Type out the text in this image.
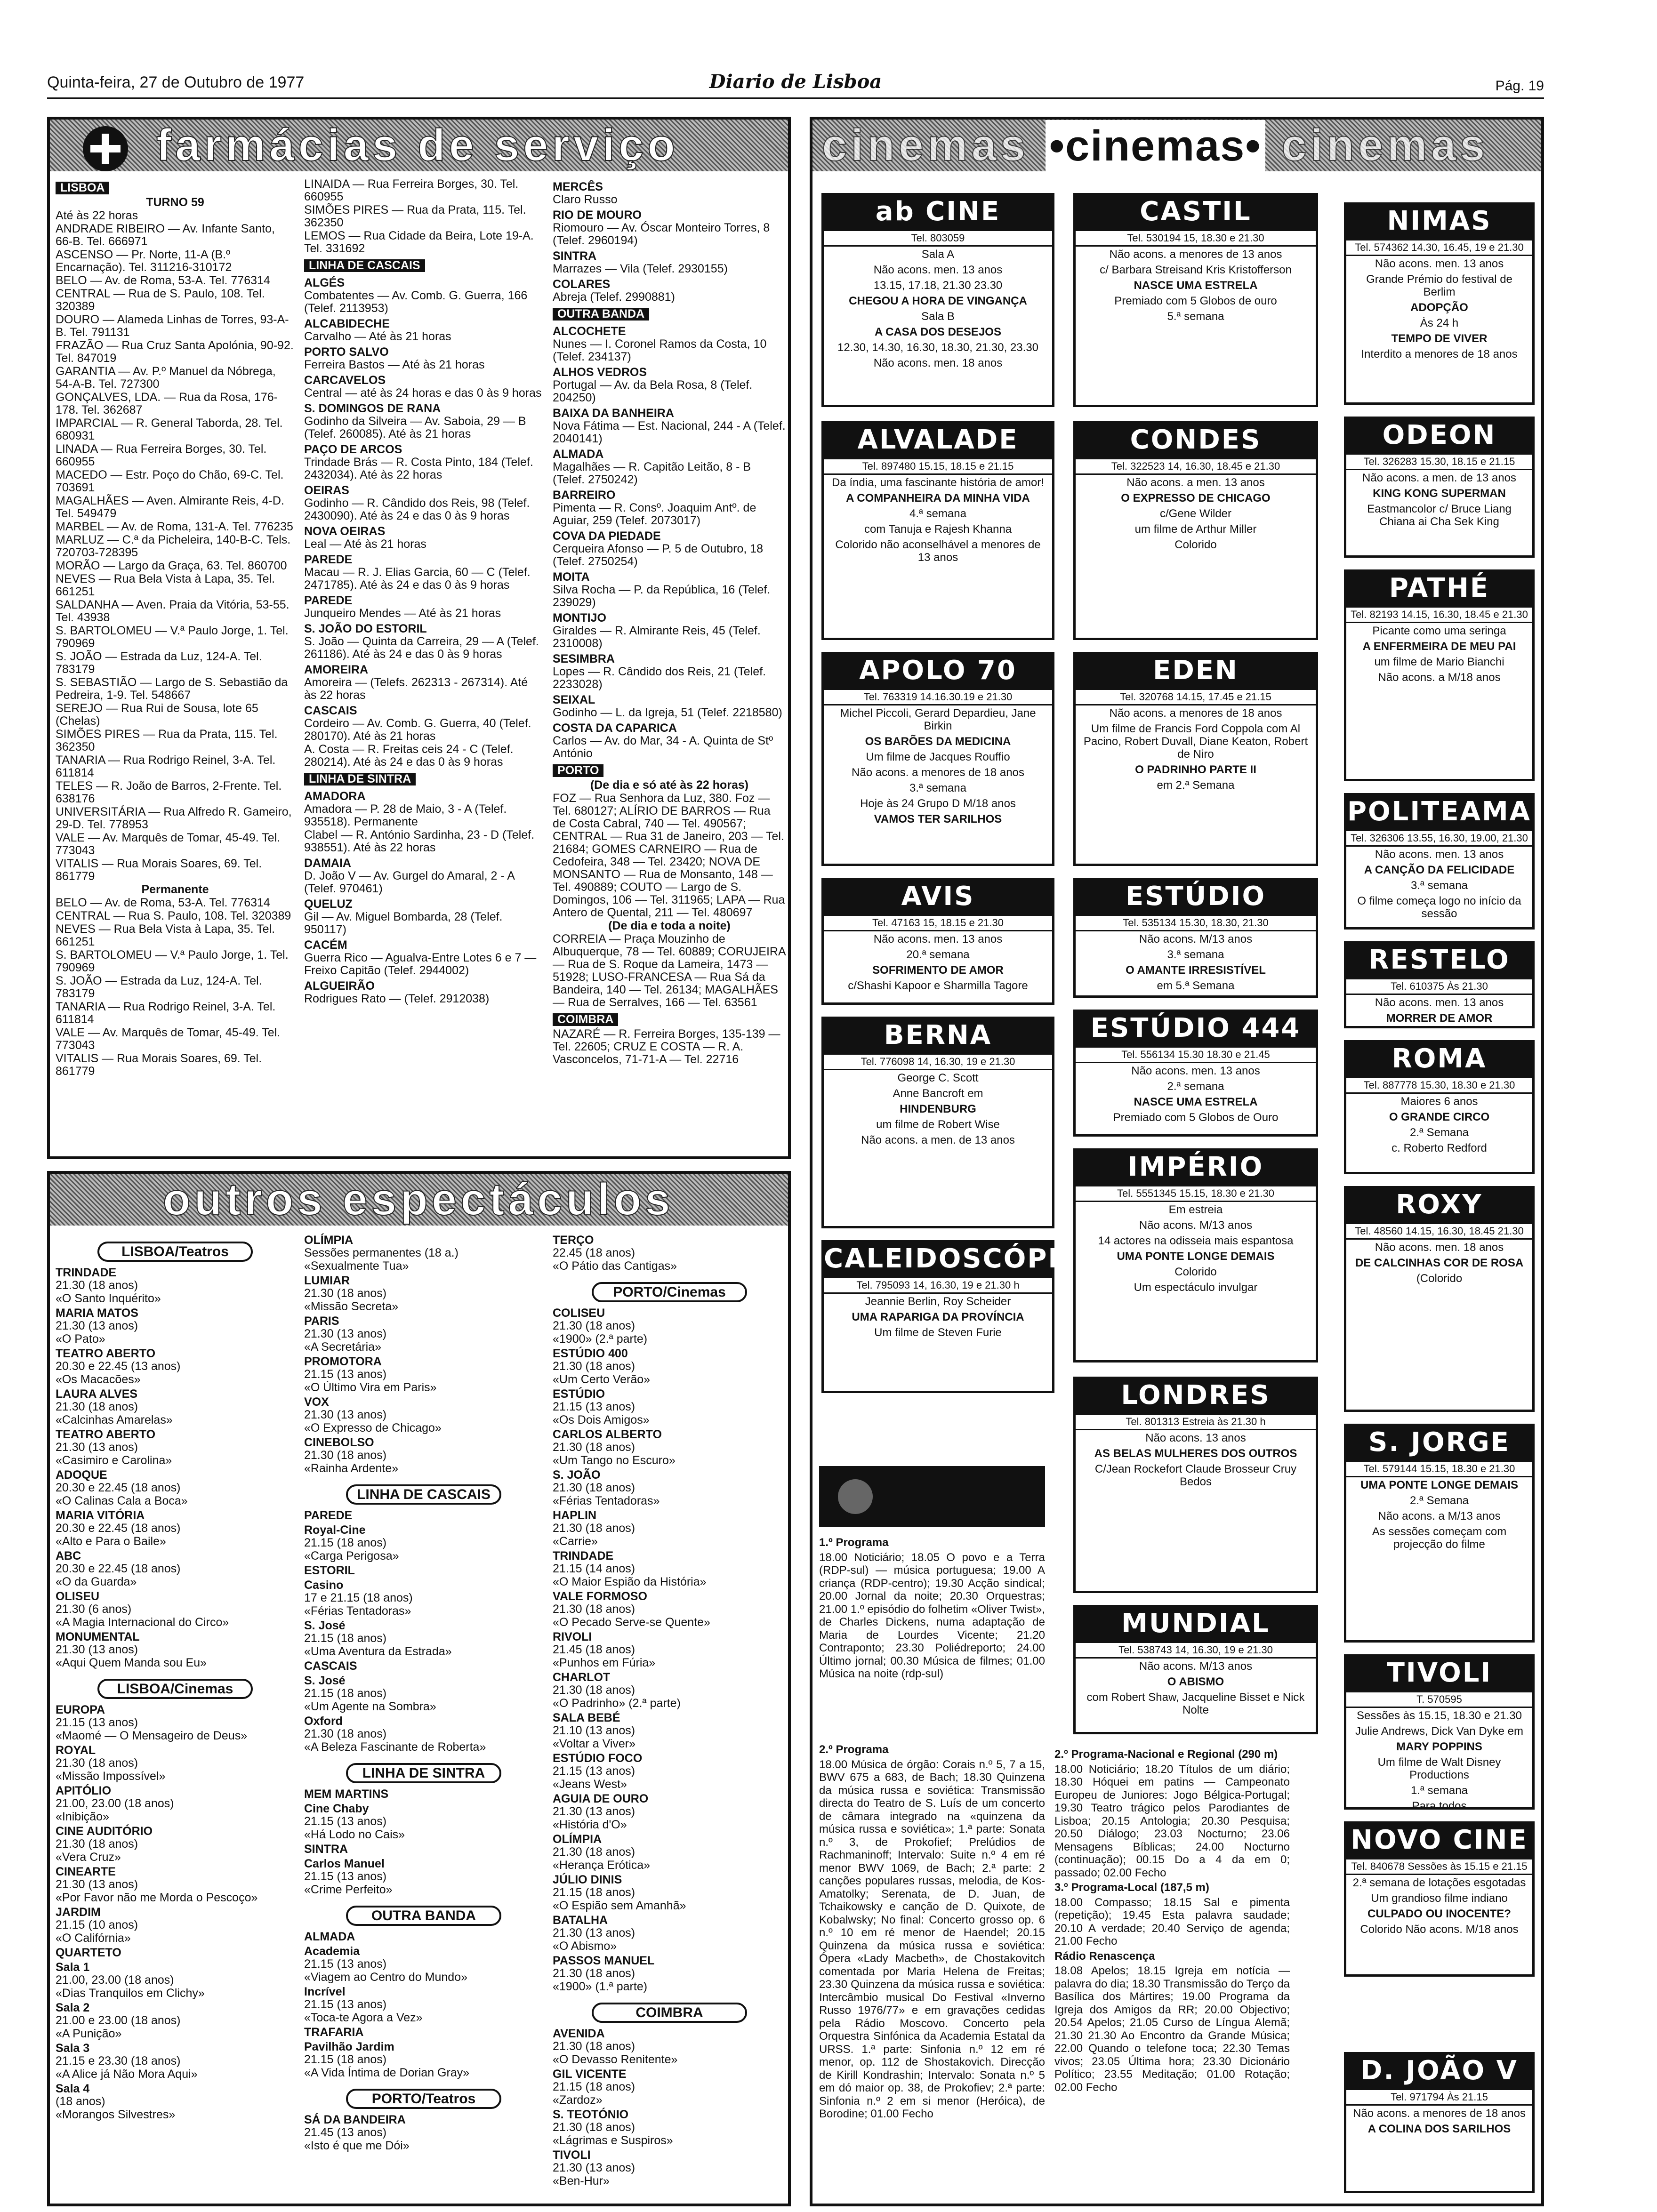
Quinta-feira, 27 de Outubro de 1977	Diario de Lisboa	Pág. 19
farmácias de serviço
LISBOA

TURNO 59

Até às 22 horas

ANDRADE RIBEIRO — Av. Infante Santo, 66-B. Tel. 666971

ASCENSO — Pr. Norte, 11-A (B.º Encarnação). Tel. 311216-310172

BELO — Av. de Roma, 53-A. Tel. 776314

CENTRAL — Rua de S. Paulo, 108. Tel. 320389

DOURO — Alameda Linhas de Torres, 93-A-B. Tel. 791131

FRAZÃO — Rua Cruz Santa Apolónia, 90-92. Tel. 847019

GARANTIA — Av. P.º Manuel da Nóbrega, 54-A-B. Tel. 727300

GONÇALVES, LDA. — Rua da Rosa, 176-178. Tel. 362687

IMPARCIAL — R. General Taborda, 28. Tel. 680931

LINADA — Rua Ferreira Borges, 30. Tel. 660955

MACEDO — Estr. Poço do Chão, 69-C. Tel. 703691

MAGALHÃES — Aven. Almirante Reis, 4-D. Tel. 549479

MARBEL — Av. de Roma, 131-A. Tel. 776235

MARLUZ — C.ª da Picheleira, 140-B-C. Tels. 720703-728395

MORÃO — Largo da Graça, 63. Tel. 860700

NEVES — Rua Bela Vista à Lapa, 35. Tel. 661251

SALDANHA — Aven. Praia da Vitória, 53-55. Tel. 43938

S. BARTOLOMEU — V.ª Paulo Jorge, 1. Tel. 790969

S. JOÃO — Estrada da Luz, 124-A. Tel. 783179

S. SEBASTIÃO — Largo de S. Sebastião da Pedreira, 1-9. Tel. 548667

SEREJO — Rua Rui de Sousa, lote 65 (Chelas)

SIMÕES PIRES — Rua da Prata, 115. Tel. 362350

TANARIA — Rua Rodrigo Reinel, 3-A. Tel. 611814

TELES — R. João de Barros, 2-Frente. Tel. 638176

UNIVERSITÁRIA — Rua Alfredo R. Gameiro, 29-D. Tel. 778953

VALE — Av. Marquês de Tomar, 45-49. Tel. 773043

VITALIS — Rua Morais Soares, 69. Tel. 861779

Permanente

BELO — Av. de Roma, 53-A. Tel. 776314

CENTRAL — Rua S. Paulo, 108. Tel. 320389

NEVES — Rua Bela Vista à Lapa, 35. Tel. 661251

S. BARTOLOMEU — V.ª Paulo Jorge, 1. Tel. 790969

S. JOÃO — Estrada da Luz, 124-A. Tel. 783179

TANARIA — Rua Rodrigo Reinel, 3-A. Tel. 611814

VALE — Av. Marquês de Tomar, 45-49. Tel. 773043

VITALIS — Rua Morais Soares, 69. Tel. 861779

LINAIDA — Rua Ferreira Borges, 30. Tel. 660955

SIMÕES PIRES — Rua da Prata, 115. Tel. 362350

LEMOS — Rua Cidade da Beira, Lote 19-A. Tel. 331692

LINHA DE CASCAIS
ALGÉS

Combatentes — Av. Comb. G. Guerra, 166 (Telef. 2113953)

ALCABIDECHE

Carvalho — Até às 21 horas

PORTO SALVO

Ferreira Bastos — Até às 21 horas

CARCAVELOS

Central — até às 24 horas e das 0 às 9 horas

S. DOMINGOS DE RANA

Godinho da Silveira — Av. Saboia, 29 — B (Telef. 260085). Até às 21 horas

PAÇO DE ARCOS

Trindade Brás — R. Costa Pinto, 184 (Telef. 2432034). Até às 22 horas

OEIRAS

Godinho — R. Cândido dos Reis, 98 (Telef. 2430090). Até às 24 e das 0 às 9 horas

NOVA OEIRAS

Leal — Até às 21 horas

PAREDE

Macau — R. J. Elias Garcia, 60 — C (Telef. 2471785). Até às 24 e das 0 às 9 horas

PAREDE

Junqueiro Mendes — Até às 21 horas

S. JOÃO DO ESTORIL

S. João — Quinta da Carreira, 29 — A (Telef. 261186). Até às 24 e das 0 às 9 horas

AMOREIRA

Amoreira — (Telefs. 262313 - 267314). Até às 22 horas

CASCAIS

Cordeiro — Av. Comb. G. Guerra, 40 (Telef. 280170). Até às 21 horas

A. Costa — R. Freitas ceis 24 - C (Telef. 280214). Até às 24 e das 0 às 9 horas

LINHA DE SINTRA
AMADORA

Amadora — P. 28 de Maio, 3 - A (Telef. 935518). Permanente

Clabel — R. António Sardinha, 23 - D (Telef. 938551). Até às 22 horas

DAMAIA

D. João V — Av. Gurgel do Amaral, 2 - A (Telef. 970461)

QUELUZ

Gil — Av. Miguel Bombarda, 28 (Telef. 950117)

CACÉM

Guerra Rico — Agualva-Entre Lotes 6 e 7 — Freixo Capitão (Telef. 2944002)

ALGUEIRÃO

Rodrigues Rato — (Telef. 2912038)

MERCÊS

Claro Russo

RIO DE MOURO

Riomouro — Av. Óscar Monteiro Torres, 8 (Telef. 2960194)

SINTRA

Marrazes — Vila (Telef. 2930155)

COLARES

Abreja (Telef. 2990881)

OUTRA BANDA
ALCOCHETE

Nunes — I. Coronel Ramos da Costa, 10 (Telef. 234137)

ALHOS VEDROS

Portugal — Av. da Bela Rosa, 8 (Telef. 204250)

BAIXA DA BANHEIRA

Nova Fátima — Est. Nacional, 244 - A (Telef. 2040141)

ALMADA

Magalhães — R. Capitão Leitão, 8 - B (Telef. 2750242)

BARREIRO

Pimenta — R. Consº. Joaquim Antº. de Aguiar, 259 (Telef. 2073017)

COVA DA PIEDADE

Cerqueira Afonso — P. 5 de Outubro, 18 (Telef. 2750254)

MOITA

Silva Rocha — P. da República, 16 (Telef. 239029)

MONTIJO

Giraldes — R. Almirante Reis, 45 (Telef. 2310008)

SESIMBRA

Lopes — R. Cândido dos Reis, 21 (Telef. 2233028)

SEIXAL

Godinho — L. da Igreja, 51 (Telef. 2218580)

COSTA DA CAPARICA

Carlos — Av. do Mar, 34 - A. Quinta de Stº António

PORTO

(De dia e só até às 22 horas)

FOZ — Rua Senhora da Luz, 380. Foz — Tel. 680127; ALÍRIO DE BARROS — Rua de Costa Cabral, 740 — Tel. 490567; CENTRAL — Rua 31 de Janeiro, 203 — Tel. 21684; GOMES CARNEIRO — Rua de Cedofeira, 348 — Tel. 23420; NOVA DE MONSANTO — Rua de Monsanto, 148 — Tel. 490889; COUTO — Largo de S. Domingos, 106 — Tel. 311965; LAPA — Rua Antero de Quental, 211 — Tel. 480697

(De dia e toda a noite)

CORREIA — Praça Mouzinho de Albuquerque, 78 — Tel. 60889; CORUJEIRA — Rua de S. Roque da Lameira, 1473 — 51928; LUSO-FRANCESA — Rua Sá da Bandeira, 140 — Tel. 26134; MAGALHÃES — Rua de Serralves, 166 — Tel. 63561

COIMBRA

NAZARÉ — R. Ferreira Borges, 135-139 — Tel. 22605; CRUZ E COSTA — R. A. Vasconcelos, 71-71-A — Tel. 22716

outros espectáculos
LISBOA/Teatros
TRINDADE

21.30 (18 anos)

«O Santo Inquérito»

MARIA MATOS

21.30 (13 anos)

«O Pato»

TEATRO ABERTO

20.30 e 22.45 (13 anos)

«Os Macacões»

LAURA ALVES

21.30 (18 anos)

«Calcinhas Amarelas»

TEATRO ABERTO

21.30 (13 anos)

«Casimiro e Carolina»

ADOQUE

20.30 e 22.45 (18 anos)

«O Calinas Cala a Boca»

MARIA VITÓRIA

20.30 e 22.45 (18 anos)

«Alto e Para o Baile»

ABC

20.30 e 22.45 (18 anos)

«O da Guarda»

OLISEU

21.30 (6 anos)

«A Magia Internacional do Circo»

MONUMENTAL

21.30 (13 anos)

«Aqui Quem Manda sou Eu»

LISBOA/Cinemas
EUROPA

21.15 (13 anos)

«Maomé — O Mensageiro de Deus»

ROYAL

21.30 (18 anos)

«Missão Impossível»

APITÓLIO

21.00, 23.00 (18 anos)

«Inibição»

CINE AUDITÓRIO

21.30 (18 anos)

«Vera Cruz»

CINEARTE

21.30 (13 anos)

«Por Favor não me Morda o Pescoço»

JARDIM

21.15 (10 anos)

«O Califórnia»

QUARTETO
Sala 1

21.00, 23.00 (18 anos)

«Dias Tranquilos em Clichy»

Sala 2

21.00 e 23.00 (18 anos)

«A Punição»

Sala 3

21.15 e 23.30 (18 anos)

«A Alice já Não Mora Aqui»

Sala 4

(18 anos)

«Morangos Silvestres»

OLÍMPIA

Sessões permanentes (18 a.)

«Sexualmente Tua»

LUMIAR

21.30 (18 anos)

«Missão Secreta»

PARIS

21.30 (13 anos)

«A Secretária»

PROMOTORA

21.15 (13 anos)

«O Último Vira em Paris»

VOX

21.30 (13 anos)

«O Expresso de Chicago»

CINEBOLSO

21.30 (18 anos)

«Rainha Ardente»

LINHA DE CASCAIS
PAREDE
Royal-Cine

21.15 (18 anos)

«Carga Perigosa»

ESTORIL
Casino

17 e 21.15 (18 anos)

«Férias Tentadoras»

S. José

21.15 (18 anos)

«Uma Aventura da Estrada»

CASCAIS
S. José

21.15 (18 anos)

«Um Agente na Sombra»

Oxford

21.30 (18 anos)

«A Beleza Fascinante de Roberta»

LINHA DE SINTRA
MEM MARTINS
Cine Chaby

21.15 (13 anos)

«Há Lodo no Cais»

SINTRA
Carlos Manuel

21.15 (13 anos)

«Crime Perfeito»

OUTRA BANDA
ALMADA
Academia

21.15 (13 anos)

«Viagem ao Centro do Mundo»

Incrível

21.15 (13 anos)

«Toca-te Agora a Vez»

TRAFARIA
Pavilhão Jardim

21.15 (18 anos)

«A Vida Íntima de Dorian Gray»

PORTO/Teatros
SÁ DA BANDEIRA

21.45 (13 anos)

«Isto é que me Dói»

TERÇO

22.45 (18 anos)

«O Pátio das Cantigas»

PORTO/Cinemas
COLISEU

21.30 (18 anos)

«1900» (2.ª parte)

ESTÚDIO 400

21.30 (18 anos)

«Um Certo Verão»

ESTÚDIO

21.15 (13 anos)

«Os Dois Amigos»

CARLOS ALBERTO

21.30 (18 anos)

«Um Tango no Escuro»

S. JOÃO

21.30 (18 anos)

«Férias Tentadoras»

HAPLIN

21.30 (18 anos)

«Carrie»

TRINDADE

21.15 (14 anos)

«O Maior Espião da História»

VALE FORMOSO

21.30 (18 anos)

«O Pecado Serve-se Quente»

RIVOLI

21.45 (18 anos)

«Punhos em Fúria»

CHARLOT

21.30 (18 anos)

«O Padrinho» (2.ª parte)

SALA BEBÉ

21.10 (13 anos)

«Voltar a Viver»

ESTÚDIO FOCO

21.15 (13 anos)

«Jeans West»

AGUIA DE OURO

21.30 (13 anos)

«História d'O»

OLÍMPIA

21.30 (18 anos)

«Herança Erótica»

JÚLIO DINIS

21.15 (18 anos)

«O Espião sem Amanhã»

BATALHA

21.30 (13 anos)

«O Abismo»

PASSOS MANUEL

21.30 (18 anos)

«1900» (1.ª parte)

COIMBRA
AVENIDA

21.30 (18 anos)

«O Devasso Renitente»

GIL VICENTE

21.15 (18 anos)

«Zardoz»

S. TEOTÓNIO

21.30 (18 anos)

«Lágrimas e Suspiros»

TIVOLI

21.30 (13 anos)

«Ben-Hur»

cinemas •cinemas• cinemas
ab CINE
Tel. 803059

Sala A

Não acons. men. 13 anos

13.15, 17.18, 21.30 23.30

CHEGOU A HORA DE VINGANÇA

Sala B

A CASA DOS DESEJOS

12.30, 14.30, 16.30, 18.30, 21.30, 23.30

Não acons. men. 18 anos

ALVALADE
Tel. 897480 15.15, 18.15 e 21.15

Da índia, uma fascinante história de amor!

A COMPANHEIRA DA MINHA VIDA

4.ª semana

com Tanuja e Rajesh Khanna

Colorido não aconselhável a menores de 13 anos

APOLO 70
Tel. 763319 14.16.30.19 e 21.30

Michel Piccoli, Gerard Depardieu, Jane Birkin

OS BARÕES DA MEDICINA

Um filme de Jacques Rouffio

Não acons. a menores de 18 anos

3.ª semana

Hoje às 24 Grupo D M/18 anos

VAMOS TER SARILHOS

AVIS
Tel. 47163 15, 18.15 e 21.30

Não acons. men. 13 anos

20.ª semana

SOFRIMENTO DE AMOR

c/Shashi Kapoor e Sharmilla Tagore

BERNA
Tel. 776098 14, 16.30, 19 e 21.30

George C. Scott

Anne Bancroft em

HINDENBURG

um filme de Robert Wise

Não acons. a men. de 13 anos

CALEIDOSCÓPIO
Tel. 795093 14, 16.30, 19 e 21.30 h

Jeannie Berlin, Roy Scheider

UMA RAPARIGA DA PROVÍNCIA

Um filme de Steven Furie

CASTIL
Tel. 530194 15, 18.30 e 21.30

Não acons. a menores de 13 anos

c/ Barbara Streisand Kris Kristofferson

NASCE UMA ESTRELA

Premiado com 5 Globos de ouro

5.ª semana

CONDES
Tel. 322523 14, 16.30, 18.45 e 21.30

Não acons. a men. 13 anos

O EXPRESSO DE CHICAGO

c/Gene Wilder

um filme de Arthur Miller

Colorido

EDEN
Tel. 320768 14.15, 17.45 e 21.15

Não acons. a menores de 18 anos

Um filme de Francis Ford Coppola com Al Pacino, Robert Duvall, Diane Keaton, Robert de Niro

O PADRINHO PARTE II

em 2.ª Semana

ESTÚDIO
Tel. 535134 15.30, 18.30, 21.30

Não acons. M/13 anos

3.ª semana

O AMANTE IRRESISTÍVEL

em 5.ª Semana

ESTÚDIO 444
Tel. 556134 15.30 18.30 e 21.45

Não acons. men. 13 anos

2.ª semana

NASCE UMA ESTRELA

Premiado com 5 Globos de Ouro

IMPÉRIO
Tel. 5551345 15.15, 18.30 e 21.30

Em estreia

Não acons. M/13 anos

14 actores na odisseia mais espantosa

UMA PONTE LONGE DEMAIS

Colorido

Um espectáculo invulgar

LONDRES
Tel. 801313 Estreia às 21.30 h

Não acons. 13 anos

AS BELAS MULHERES DOS OUTROS

C/Jean Rockefort Claude Brosseur Cruy Bedos

MUNDIAL
Tel. 538743 14, 16.30, 19 e 21.30

Não acons. M/13 anos

O ABISMO

com Robert Shaw, Jacqueline Bisset e Nick Nolte

NIMAS
Tel. 574362 14.30, 16.45, 19 e 21.30

Não acons. men. 13 anos

Grande Prémio do festival de Berlim

ADOPÇÃO

Às 24 h

TEMPO DE VIVER

Interdito a menores de 18 anos

ODEON
Tel. 326283 15.30, 18.15 e 21.15

Não acons. a men. de 13 anos

KING KONG SUPERMAN

Eastmancolor c/ Bruce Liang Chiana ai Cha Sek King

PATHÉ
Tel. 82193 14.15, 16.30, 18.45 e 21.30

Picante como uma seringa

A ENFERMEIRA DE MEU PAI

um filme de Mario Bianchi

Não acons. a M/18 anos

POLITEAMA
Tel. 326306 13.55, 16.30, 19.00, 21.30

Não acons. men. 13 anos

A CANÇÃO DA FELICIDADE

3.ª semana

O filme começa logo no início da sessão

RESTELO
Tel. 610375 Às 21.30

Não acons. men. 13 anos

MORRER DE AMOR

ROMA
Tel. 887778 15.30, 18.30 e 21.30

Maiores 6 anos

O GRANDE CIRCO

2.ª Semana

c. Roberto Redford

ROXY
Tel. 48560 14.15, 16.30, 18.45 21.30

Não acons. men. 18 anos

DE CALCINHAS COR DE ROSA

(Colorido

S. JORGE
Tel. 579144 15.15, 18.30 e 21.30

UMA PONTE LONGE DEMAIS

2.ª Semana

Não acons. a M/13 anos

As sessões começam com projecção do filme

TIVOLI
T. 570595

Sessões às 15.15, 18.30 e 21.30

Julie Andrews, Dick Van Dyke em

MARY POPPINS

Um filme de Walt Disney Productions

1.ª semana

Para todos

NOVO CINE
Tel. 840678 Sessões às 15.15 e 21.15

2.ª semana de lotações esgotadas

Um grandioso filme indiano

CULPADO OU INOCENTE?

Colorido Não acons. M/18 anos

D. JOÃO V
Tel. 971794 Às 21.15

Não acons. a menores de 18 anos

A COLINA DOS SARILHOS

1.º Programa

18.00 Noticiário; 18.05 O povo e a Terra (RDP-sul) — música portuguesa; 19.00 A criança (RDP-centro); 19.30 Acção sindical; 20.00 Jornal da noite; 20.30 Orquestras; 21.00 1.º episódio do folhetim «Oliver Twist», de Charles Dickens, numa adaptação de Maria de Lourdes Vicente; 21.20 Contraponto; 23.30 Poliédreporto; 24.00 Último jornal; 00.30 Música de filmes; 01.00 Música na noite (rdp-sul)

2.º Programa

18.00 Música de órgão: Corais n.º 5, 7 a 15, BWV 675 a 683, de Bach; 18.30 Quinzena da música russa e soviética: Transmissão directa do Teatro de S. Luís de um concerto de câmara integrado na «quinzena da música russa e soviética»; 1.ª parte: Sonata n.º 3, de Prokofief; Prelúdios de Rachmaninoff; Intervalo: Suite n.º 4 em ré menor BWV 1069, de Bach; 2.ª parte: 2 canções populares russas, melodia, de Kos-Amatolky; Serenata, de D. Juan, de Tchaikowsky e canção de D. Quixote, de Kobalwsky; No final: Concerto grosso op. 6 n.º 10 em ré menor de Haendel; 20.15 Quinzena da música russa e soviética: Ópera «Lady Macbeth», de Chostakovitch comentada por Maria Helena de Freitas; 23.30 Quinzena da música russa e soviética: Intercâmbio musical Do Festival «Inverno Russo 1976/77» e em gravações cedidas pela Rádio Moscovo. Concerto pela Orquestra Sinfónica da Academia Estatal da URSS. 1.ª parte: Sinfonia n.º 12 em ré menor, op. 112 de Shostakovich. Direcção de Kirill Kondrashin; Intervalo: Sonata n.º 5 em dó maior op. 38, de Prokofiev; 2.ª parte: Sinfonia n.º 2 em si menor (Heróica), de Borodine; 01.00 Fecho

2.º Programa-Nacional e Regional (290 m)

18.00 Noticiário; 18.20 Títulos de um diário; 18.30 Hóquei em patins — Campeonato Europeu de Juniores: Jogo Bélgica-Portugal; 19.30 Teatro trágico pelos Parodiantes de Lisboa; 20.15 Antologia; 20.30 Pesquisa; 20.50 Diálogo; 23.03 Nocturno; 23.06 Mensagens Bíblicas; 24.00 Nocturno (continuação); 00.15 Do a 4 da em 0; passado; 02.00 Fecho

3.º Programa-Local (187,5 m)

18.00 Compasso; 18.15 Sal e pimenta (repetição); 19.45 Esta palavra saudade; 20.10 A verdade; 20.40 Serviço de agenda; 21.00 Fecho

Rádio Renascença

18.08 Apelos; 18.15 Igreja em notícia — palavra do dia; 18.30 Transmissão do Terço da Basílica dos Mártires; 19.00 Programa da Igreja dos Amigos da RR; 20.00 Objectivo; 20.54 Apelos; 21.05 Curso de Língua Alemã; 21.30 21.30 Ao Encontro da Grande Música; 22.00 Quando o telefone toca; 22.30 Temas vivos; 23.05 Última hora; 23.30 Dicionário Político; 23.55 Meditação; 01.00 Rotação; 02.00 Fecho
